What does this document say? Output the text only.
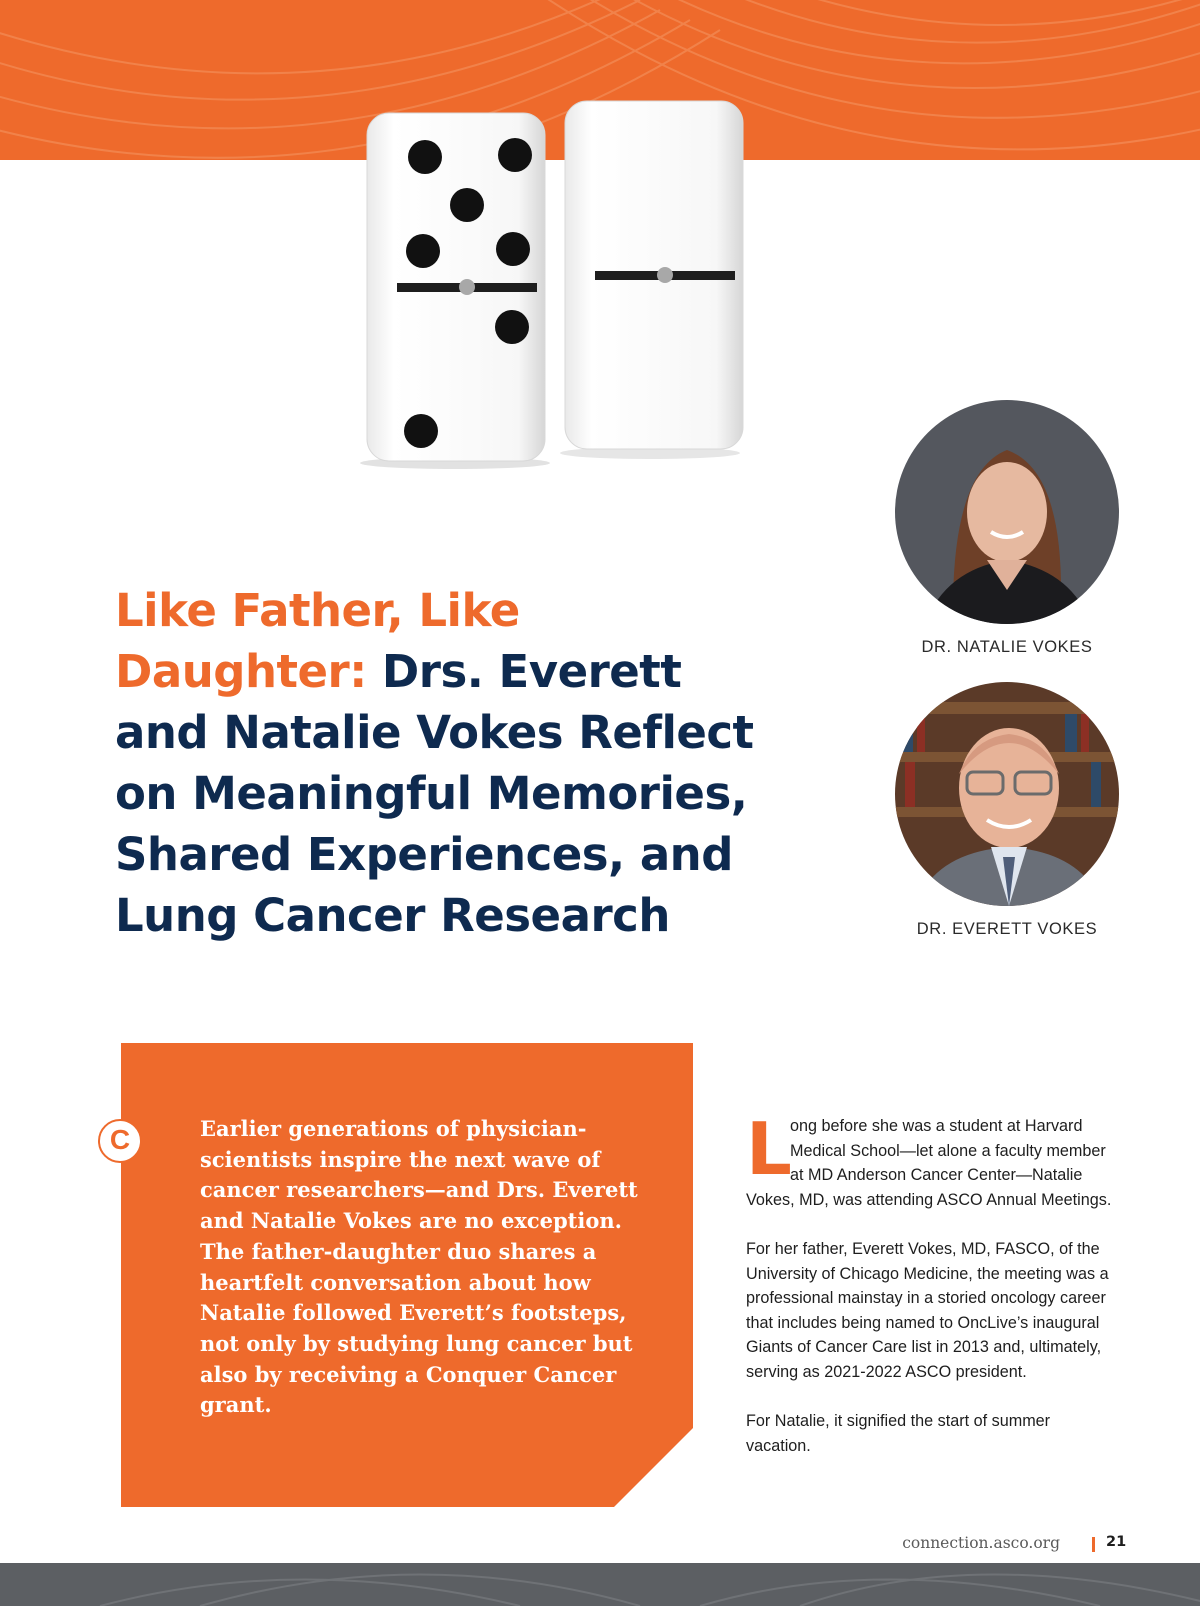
Like Father, Like Daughter: Drs. Everett and Natalie Vokes Reflect on Meaningful Memories, Shared Experiences, and Lung Cancer Research
DR. NATALIE VOKES
DR. EVERETT VOKES
C	Earlier generations of physician-scientists inspire the next wave of cancer researchers—and Drs. Everett and Natalie Vokes are no exception. The father-daughter duo shares a heartfelt conversation about how Natalie followed Everett’s footsteps, not only by studying lung cancer but also by receiving a Conquer Cancer grant.

L
ong before she was a student at Harvard Medical School—let alone a faculty member at MD Anderson Cancer Center—Natalie Vokes, MD, was attending ASCO Annual Meetings.

For her father, Everett Vokes, MD, FASCO, of the University of Chicago Medicine, the meeting was a professional mainstay in a storied oncology career that includes being named to OncLive’s inaugural Giants of Cancer Care list in 2013 and, ultimately, serving as 2021-2022 ASCO president.

For Natalie, it signified the start of summer vacation.

connection.asco.org	21
